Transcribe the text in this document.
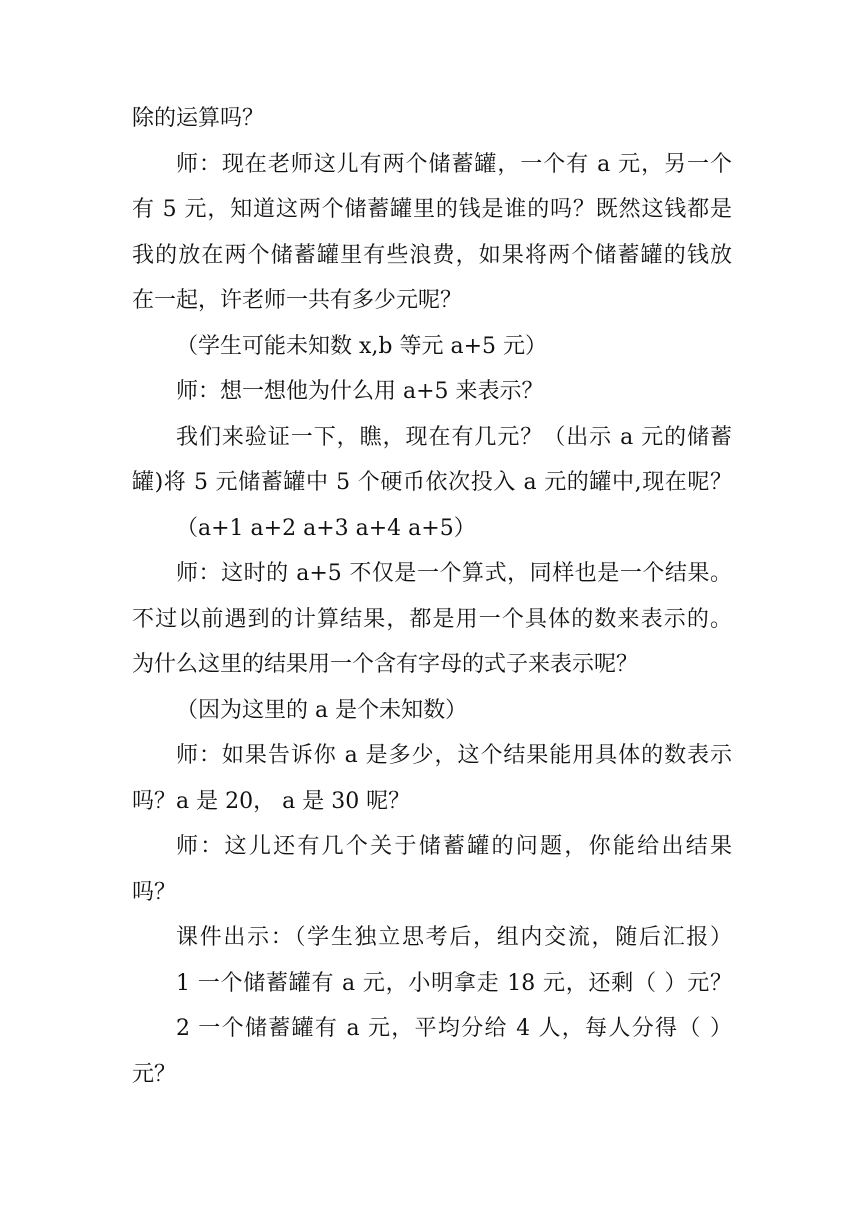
除的运算吗？
师：现在老师这儿有两个储蓄罐，一个有 a 元，另一个
有 5 元，知道这两个储蓄罐里的钱是谁的吗？既然这钱都是
我的放在两个储蓄罐里有些浪费，如果将两个储蓄罐的钱放
在一起，许老师一共有多少元呢？
（学生可能未知数 x,b 等元 a+5 元）
师：想一想他为什么用 a+5 来表示？
我们来验证一下，瞧，现在有几元？（出示 a 元的储蓄
罐)将 5 元储蓄罐中 5 个硬币依次投入 a 元的罐中,现在呢？
（a+1 a+2 a+3 a+4 a+5）
师：这时的 a+5 不仅是一个算式，同样也是一个结果。
不过以前遇到的计算结果，都是用一个具体的数来表示的。
为什么这里的结果用一个含有字母的式子来表示呢？
（因为这里的 a 是个未知数）
师：如果告诉你 a 是多少，这个结果能用具体的数表示
吗？a 是 20， a 是 30 呢？
师：这儿还有几个关于储蓄罐的问题，你能给出结果
吗？
课件出示：（学生独立思考后，组内交流，随后汇报）
1 一个储蓄罐有 a 元，小明拿走 18 元，还剩（ ）元？
2 一个储蓄罐有 a 元，平均分给 4 人，每人分得（ ）
元？
